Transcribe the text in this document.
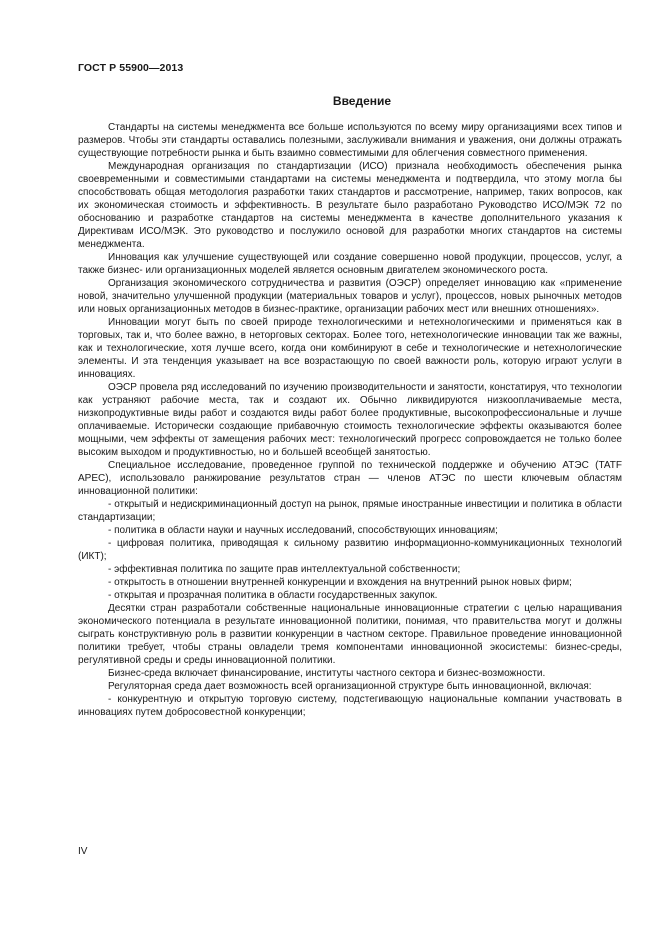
ГОСТ Р 55900—2013
Введение

Стандарты на системы менеджмента все больше используются по всему миру организациями всех типов и размеров. Чтобы эти стандарты оставались полезными, заслуживали внимания и уважения, они должны отражать существующие потребности рынка и быть взаимно совместимыми для облегчения совместного применения.

Международная организация по стандартизации (ИСО) признала необходимость обеспечения рынка своевременными и совместимыми стандартами на системы менеджмента и подтвердила, что этому могла бы способствовать общая методология разработки таких стандартов и рассмотрение, например, таких вопросов, как их экономическая стоимость и эффективность. В результате было разработано Руководство ИСО/МЭК 72 по обоснованию и разработке стандартов на системы менеджмента в качестве дополнительного указания к Директивам ИСО/МЭК. Это руководство и послужило основой для разработки многих стандартов на системы менеджмента.

Инновация как улучшение существующей или создание совершенно новой продукции, процессов, услуг, а также бизнес- или организационных моделей является основным двигателем экономического роста.

Организация экономического сотрудничества и развития (ОЭСР) определяет инновацию как «применение новой, значительно улучшенной продукции (материальных товаров и услуг), процессов, новых рыночных методов или новых организационных методов в бизнес-практике, организации рабочих мест или внешних отношениях».

Инновации могут быть по своей природе технологическими и нетехнологическими и применяться как в торговых, так и, что более важно, в неторговых секторах. Более того, нетехнологические инновации так же важны, как и технологические, хотя лучше всего, когда они комбинируют в себе и технологические и нетехнологические элементы. И эта тенденция указывает на все возрастающую по своей важности роль, которую играют услуги в инновациях.

ОЭСР провела ряд исследований по изучению производительности и занятости, констатируя, что технологии как устраняют рабочие места, так и создают их. Обычно ликвидируются низкооплачиваемые места, низкопродуктивные виды работ и создаются виды работ более продуктивные, высокопрофессиональные и лучше оплачиваемые. Исторически создающие прибавочную стоимость технологические эффекты оказываются более мощными, чем эффекты от замещения рабочих мест: технологический прогресс сопровождается не только более высоким выходом и продуктивностью, но и большей всеобщей занятостью.

Специальное исследование, проведенное группой по технической поддержке и обучению АТЭС (TATF APEC), использовало ранжирование результатов стран — членов АТЭС по шести ключевым областям инновационной политики:

- открытый и недискриминационный доступ на рынок, прямые иностранные инвестиции и политика в области стандартизации;

- политика в области науки и научных исследований, способствующих инновациям;

- цифровая политика, приводящая к сильному развитию информационно-коммуникационных технологий (ИКТ);

- эффективная политика по защите прав интеллектуальной собственности;

- открытость в отношении внутренней конкуренции и вхождения на внутренний рынок новых фирм;

- открытая и прозрачная политика в области государственных закупок.

Десятки стран разработали собственные национальные инновационные стратегии с целью наращивания экономического потенциала в результате инновационной политики, понимая, что правительства могут и должны сыграть конструктивную роль в развитии конкуренции в частном секторе. Правильное проведение инновационной политики требует, чтобы страны овладели тремя компонентами инновационной экосистемы: бизнес-среды, регулятивной среды и среды инновационной политики.

Бизнес-среда включает финансирование, институты частного сектора и бизнес-возможности.

Регуляторная среда дает возможность всей организационной структуре быть инновационной, включая:

- конкурентную и открытую торговую систему, подстегивающую национальные компании участвовать в инновациях путем добросовестной конкуренции;

IV
